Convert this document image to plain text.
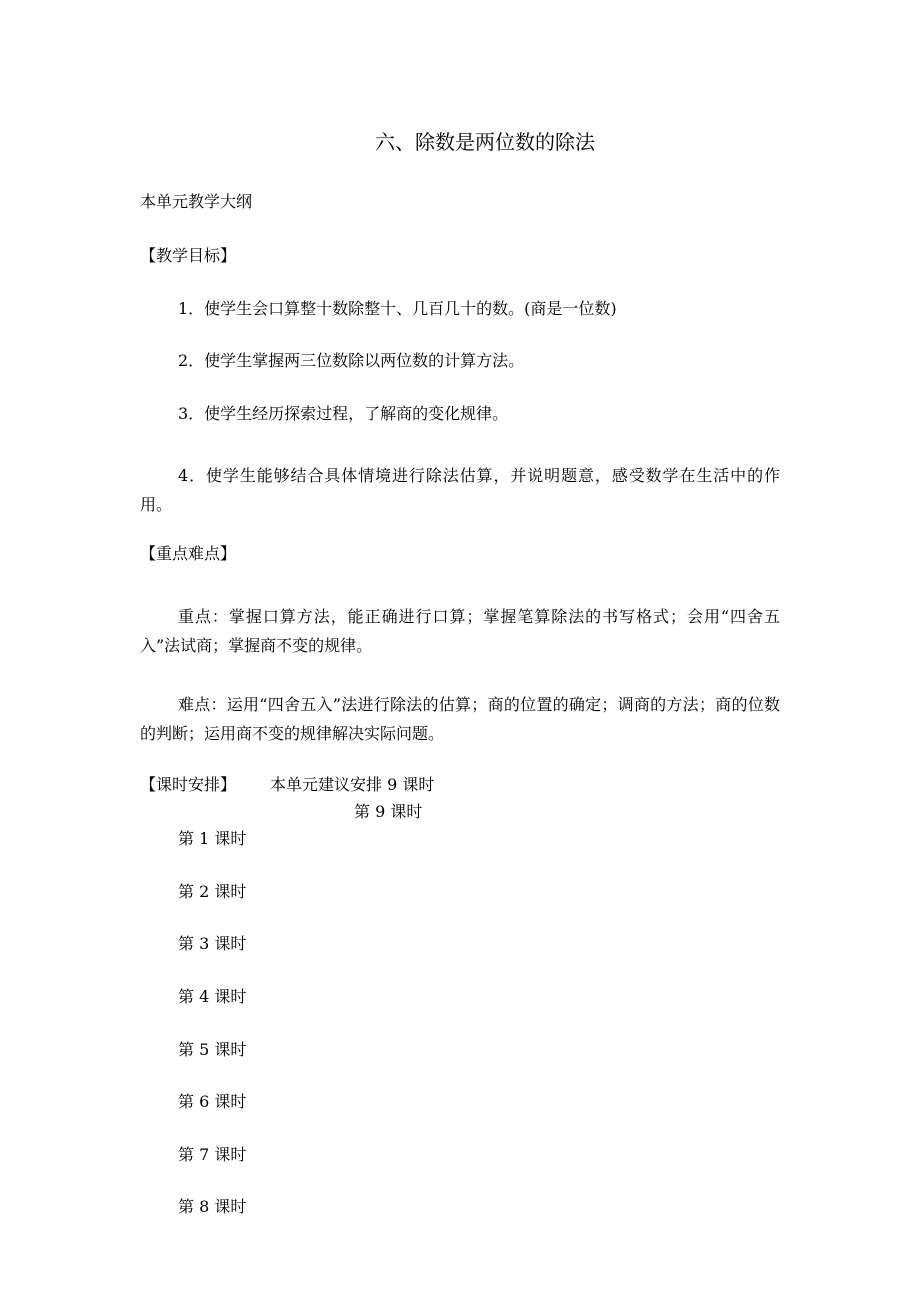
六、除数是两位数的除法
本单元教学大纲
【教学目标】
1．使学生会口算整十数除整十、几百几十的数。(商是一位数)
2．使学生掌握两三位数除以两位数的计算方法。
3．使学生经历探索过程，了解商的变化规律。
4．使学生能够结合具体情境进行除法估算，并说明题意，感受数学在生活中的作用。
【重点难点】
重点：掌握口算方法，能正确进行口算；掌握笔算除法的书写格式；会用“四舍五入”法试商；掌握商不变的规律。
难点：运用“四舍五入”法进行除法的估算；商的位置的确定；调商的方法；商的位数的判断；运用商不变的规律解决实际问题。
【课时安排】 本单元建议安排 9 课时
第 9 课时
第 1 课时
第 2 课时
第 3 课时
第 4 课时
第 5 课时
第 6 课时
第 7 课时
第 8 课时
